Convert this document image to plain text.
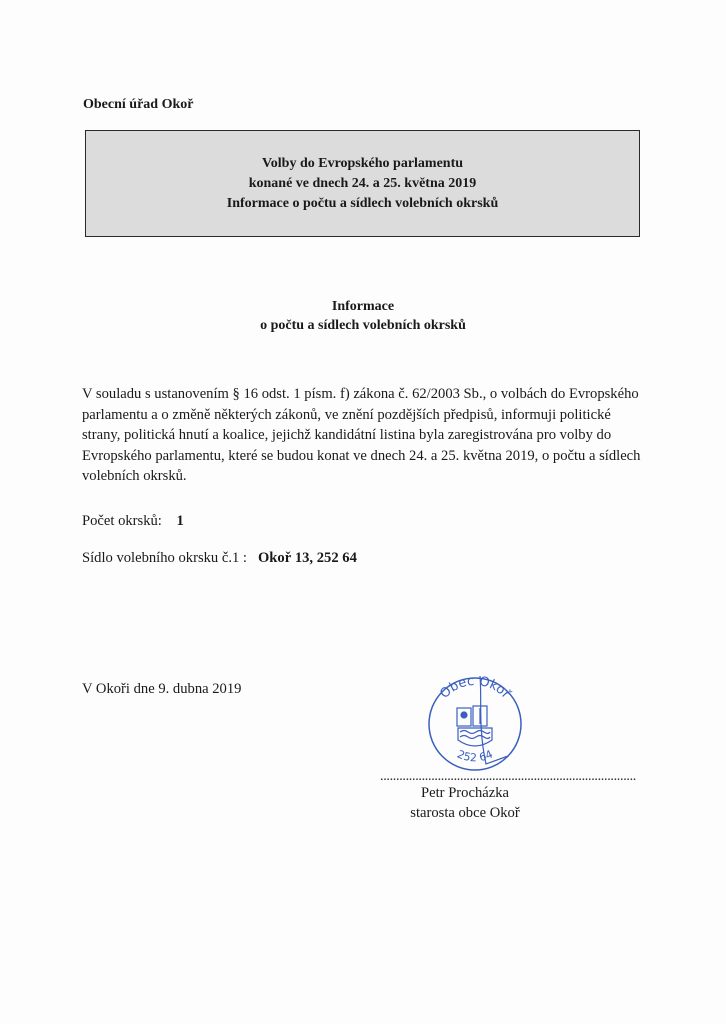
Obecní úřad Okoř
Volby do Evropského parlamentu
konané ve dnech 24. a 25. května 2019
Informace o počtu a sídlech volebních okrsků
Informace
o počtu a sídlech volebních okrsků
V souladu s ustanovením § 16 odst. 1 písm. f) zákona č. 62/2003 Sb., o volbách do Evropského parlamentu a o změně některých zákonů, ve znění pozdějších předpisů, informuji politické strany, politická hnutí a koalice, jejichž kandidátní listina byla zaregistrována pro volby do Evropského parlamentu, které se budou konat ve dnech 24. a 25. května 2019, o počtu a sídlech volebních okrsků.
Počet okrsků: 1
Sídlo volebního okrsku č.1 : Okoř 13, 252 64
V Okoři dne 9. dubna 2019	Obec Okoř
252 64
................................................................................
Petr Procházka
starosta obce Okoř
